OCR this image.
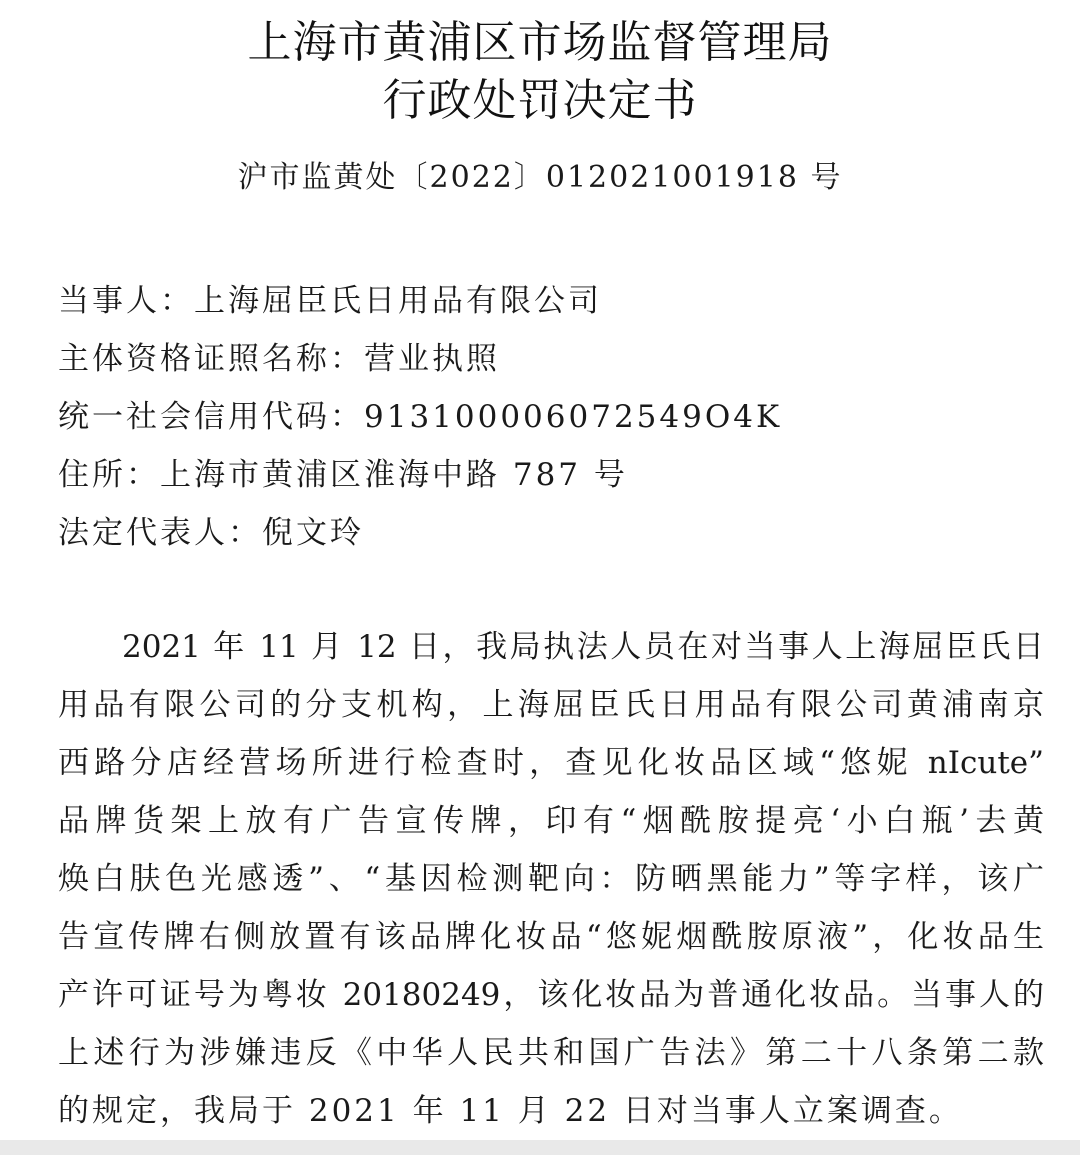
上海市黄浦区市场监督管理局
行政处罚决定书
沪市监黄处〔2022〕012021001918 号
当事人：上海屈臣氏日用品有限公司
主体资格证照名称：营业执照
统一社会信用代码：913100006072549O4K
住所：上海市黄浦区淮海中路 787 号
法定代表人：倪文玲
2021 年 11 月 12 日，我局执法人员在对当事人上海屈臣氏日
用品有限公司的分支机构，上海屈臣氏日用品有限公司黄浦南京
西路分店经营场所进行检查时，查见化妆品区域“悠妮 nIcute”
品牌货架上放有广告宣传牌，印有“烟酰胺提亮‘小白瓶’去黄
焕白肤色光感透”、“基因检测靶向：防晒黑能力”等字样，该广
告宣传牌右侧放置有该品牌化妆品“悠妮烟酰胺原液”，化妆品生
产许可证号为粤妆 20180249，该化妆品为普通化妆品。当事人的
上述行为涉嫌违反《中华人民共和国广告法》第二十八条第二款
的规定，我局于 2021 年 11 月 22 日对当事人立案调查。
